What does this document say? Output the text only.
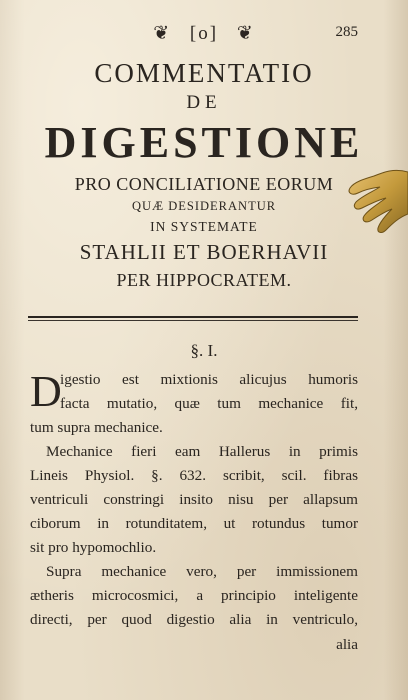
❦ [o] ❦	285
COMMENTATIO
DE
DIGESTIONE
PRO CONCILIATIONE EORUM
QUÆ DESIDERANTUR
IN SYSTEMATE
STAHLII ET BOERHAVII
PER HIPPOCRATEM.
§. I.
D
igestio est mixtionis alicujus humoris
facta mutatio, quæ tum mechanice fit,
tum supra mechanice.
Mechanice fieri eam Hallerus in primis
Lineis Physiol. §. 632. scribit, scil. fibras
ventriculi constringi insito nisu per allapsum
ciborum in rotunditatem, ut rotundus tumor
sit pro hypomochlio.
Supra mechanice vero, per immissionem
ætheris microcosmici, a principio inteligente
directi, per quod digestio alia in ventriculo,
alia
